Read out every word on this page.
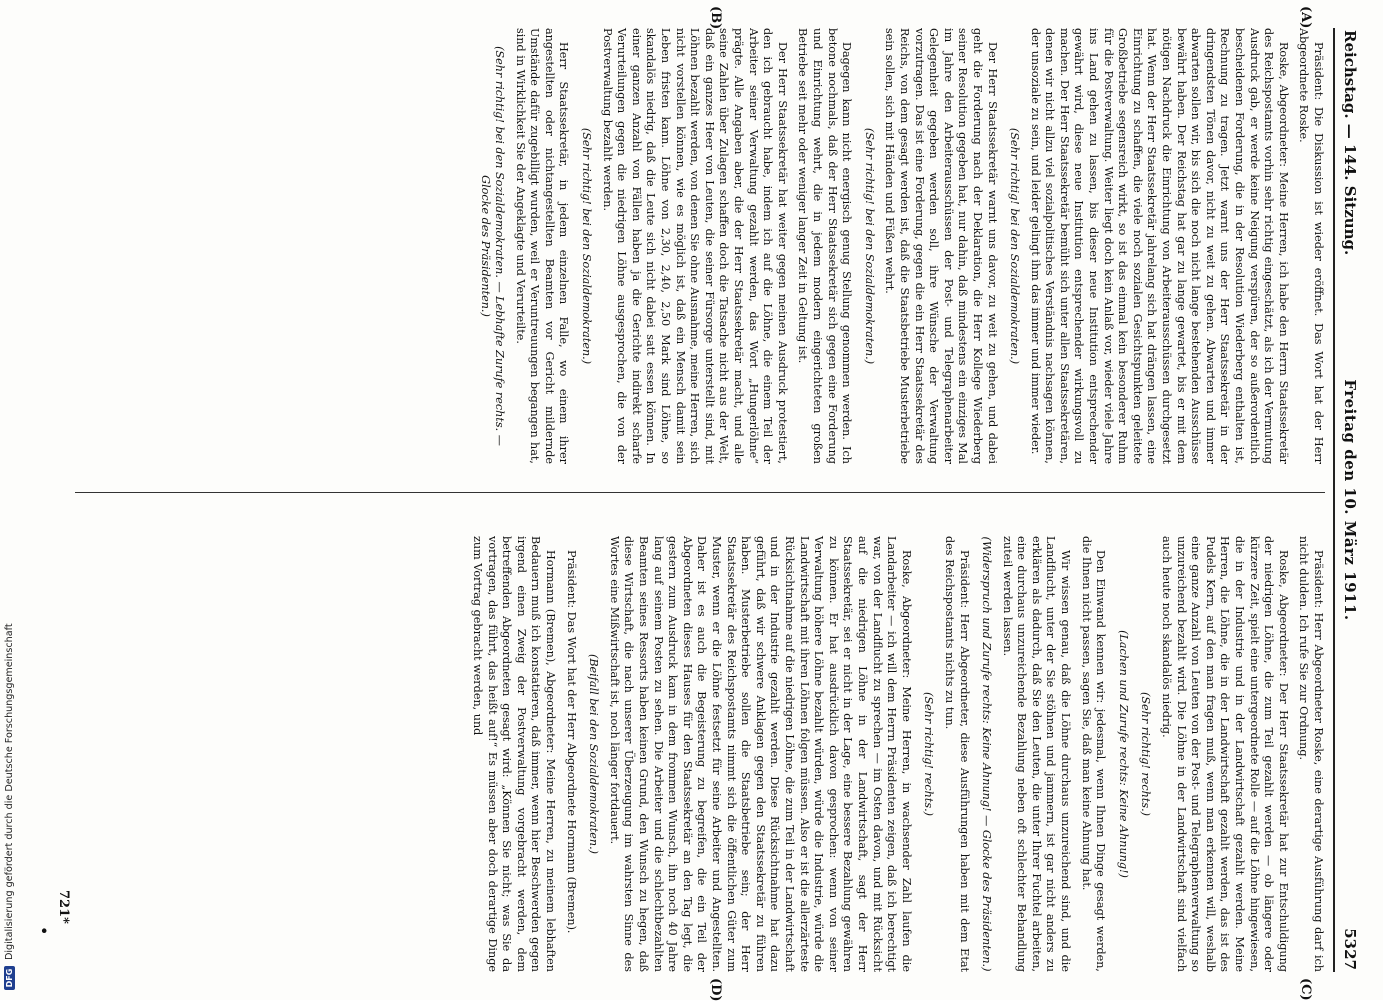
Reichstag. — 144. Sitzung.
Freitag den 10. März 1911.
5327
(A)
(B)
(C)
(D)

Präsident: Die Diskussion ist wieder eröffnet. Das Wort hat der Herr Abgeordnete Roske.

Roske, Abgeordneter: Meine Herren, ich habe den Herrn Staatssekretär des Reichspostamts vorhin sehr richtig eingeschätzt, als ich der Vermutung Ausdruck gab, er werde keine Neigung verspüren, der so außerordentlich bescheidenen Forderung, die in der Resolution Wiederberg enthalten ist, Rechnung zu tragen. Jetzt warnt uns der Herr Staatssekretär in der dringendsten Tönen davor, nicht zu weit zu gehen. Abwarten und immer abwarten sollen wir, bis sich die noch nicht lange bestehenden Ausschüsse bewährt haben. Der Reichstag hat gar zu lange gewartet, bis er mit dem nötigen Nachdruck die Einrichtung von Arbeiterausschüssen durchgesetzt hat. Wenn der Herr Staatssekretär jahrelang sich hat drängen lassen, eine Einrichtung zu schaffen, die viele noch sozialen Gesichtspunkten geleitete Großbetriebe segensreich wirkt, so ist das einmal kein besonderer Ruhm für die Postverwaltung. Weiter liegt doch kein Anlaß vor, wieder viele Jahre ins Land gehen zu lassen, bis dieser neue Institution entsprechender gewährt wird, diese neue Institution entsprechender wirkungsvoll zu machen. Der Herr Staatssekretär bemüht sich unter allen Staatssekretären, denen wir nicht allzu viel sozialpolitisches Verständnis nachsagen können, der unsoziale zu sein, und leider gelingt ihm das immer und immer wieder.

(Sehr richtig! bei den Sozialdemokraten.)

Der Herr Staatssekretär warnt uns davor, zu weit zu gehen, und dabei geht die Forderung nach der Deklaration, die Herr Kollege Wiederberg seiner Resolution gegeben hat, nur dahin, daß mindestens ein einziges Mal im Jahre den Arbeiterausschüssen der Post- und Telegraphenarbeiter Gelegenheit gegeben werden soll, ihre Wünsche der Verwaltung vorzutragen. Das ist eine Forderung, gegen die ein Herr Staatssekretär des Reichs, von dem gesagt werden ist, daß die Staatsbetriebe Musterbetriebe sein sollen, sich mit Händen und Füßen wehrt.

(Sehr richtig! bei den Sozialdemokraten.)

Dagegen kann nicht energisch genug Stellung genommen werden. Ich betone nochmals, daß der Herr Staatssekretär sich gegen eine Forderung und Einrichtung wehrt, die in jedem modern eingerichteten großen Betriebe seit mehr oder weniger langer Zeit in Geltung ist.

Der Herr Staatssekretär hat weiter gegen meinen Ausdruck protestiert, den ich gebraucht habe, indem ich auf die Löhne, die einem Teil der Arbeiter seiner Verwaltung gezahlt werden, das Wort „Hungerlöhne“ prägte. Alle Angaben aber, die der Herr Staatssekretär macht, und alle seine Zahlen über Zulagen schaffen doch die Tatsache nicht aus der Welt, daß ein ganzes Heer von Leuten, die seiner Fürsorge unterstellt sind, mit Löhnen bezahlt werden, von denen Sie ohne Ausnahme, meine Herren, sich nicht vorstellen können, wie es möglich ist, daß ein Mensch damit sein Leben fristen kann. Löhne von 2,30, 2,40, 2,50 Mark sind Löhne, so skandalös niedrig, daß die Leute sich nicht dabei satt essen können. In einer ganzen Anzahl von Fällen haben ja die Gerichte indirekt scharfe Verurteilungen gegen die niedrigen Löhne ausgesprochen, die von der Postverwaltung bezahlt werden.

(Sehr richtig! bei den Sozialdemokraten.)

Herr Staatssekretär, in jedem einzelnen Falle, wo einem ihrer angestellten oder nichtangestellten Beamten vor Gericht mildernde Umstände dafür zugebilligt wurden, weil er Veruntreuungen begangen hat, sind in Wirklichkeit Sie der Angeklagte und Verurteilte.

(Sehr richtig! bei den Sozialdemokraten. — Lebhafte Zurufe rechts. — Glocke des Präsidenten.)

Präsident: Herr Abgeordneter Roske, eine derartige Ausführung darf ich nicht dulden. Ich rufe Sie zur Ordnung.

Roske, Abgeordneter: Der Herr Staatssekretär hat zur Entschuldigung der niedrigen Löhne, die zum Teil gezahlt werden — ob längere oder kürzere Zeit, spielt eine untergeordnete Rolle — auf die Löhne hingewiesen, die in der Industrie und in der Landwirtschaft gezahlt werden. Meine Herren, die Löhne, die in der Landwirtschaft gezahlt werden, das ist des Pudels Kern, auf den man fragen muß, wenn man erkennen will, weshalb eine ganze Anzahl von Leuten von der Post- und Telegraphenverwaltung so unzureichend bezahlt wird. Die Löhne in der Landwirtschaft sind vielfach auch heute noch skandalös niedrig.

(Sehr richtig! rechts.)

(Lachen und Zurufe rechts: Keine Ahnung!)

Den Einwand kennen wir: jedesmal, wenn Ihnen Dinge gesagt werden, die Ihnen nicht passen, sagen Sie, daß man keine Ahnung hat.

Wir wissen genau, daß die Löhne durchaus unzureichend sind, und die Landflucht, unter der Sie stöhnen und jammern, ist gar nicht anders zu erklären als dadurch, daß Sie den Leuten, die unter Ihrer Fuchtel arbeiten, eine durchaus unzureichende Bezahlung neben oft schlechter Behandlung zuteil werden lassen.

(Widerspruch und Zurufe rechts: Keine Ahnung! — Glocke des Präsidenten.)

Präsident: Herr Abgeordneter, diese Ausführungen haben mit dem Etat des Reichspostamts nichts zu tun.

(Sehr richtig! rechts.)

Roske, Abgeordneter: Meine Herren, in wachsender Zahl laufen die Landarbeiter — ich will dem Herrn Präsidenten zeigen, daß ich berechtigt war, von der Landflucht zu sprechen — im Osten davon, und mit Rücksicht auf die niedrigen Löhne in der Landwirtschaft, sagt der Herr Staatssekretär, sei er nicht in der Lage, eine bessere Bezahlung gewähren zu können. Er hat ausdrücklich davon gesprochen: wenn von seiner Verwaltung höhere Löhne bezahlt würden, würde die Industrie, würde die Landwirtschaft mit ihren Löhnen folgen müssen. Also er ist die allerzärteste Rücksichtnahme auf die niedrigen Löhne, die zum Teil in der Landwirtschaft und in der Industrie gezahlt werden. Diese Rücksichtnahme hat dazu geführt, daß wir schwere Anklagen gegen den Staatssekretär zu führen haben. Musterbetriebe sollen die Staatsbetriebe sein; der Herr Staatssekretär des Reichspostamts nimmt sich die öffentlichen Güter zum Muster, wenn er die Löhne festsetzt für seine Arbeiter und Angestellten. Daher ist es auch die Begeisterung zu begreifen, die ein Teil der Abgeordneten dieses Hauses für den Staatssekretär an den Tag legt, die gestern zum Ausdruck kam in dem frommen Wunsch, ihn noch 40 Jahre lang auf seinem Posten zu sehen. Die Arbeiter und die schlechtbezahlten Beamten seines Ressorts haben keinen Grund, den Wunsch zu hegen, daß diese Wirtschaft, die nach unserer Überzeugung im wahrsten Sinne des Wortes eine Mißwirtschaft ist, noch länger fortdauert.

(Beifall bei den Sozialdemokraten.)

Präsident: Das Wort hat der Herr Abgeordnete Hormann (Bremen).

Hormann (Bremen), Abgeordneter: Meine Herren, zu meinem lebhaften Bedauern muß ich konstatieren, daß immer, wenn hier Beschwerden gegen irgend einen Zweig der Postverwaltung vorgebracht werden, dem betreffenden Abgeordneten gesagt wird: „Können Sie nicht; was Sie da vortragen, das führt, das heißt auf!“ Es müssen aber doch derartige Dinge zum Vortrag gebracht werden, und

721*
•
DFG
Digitalisierung gefördert durch die Deutsche Forschungsgemeinschaft
